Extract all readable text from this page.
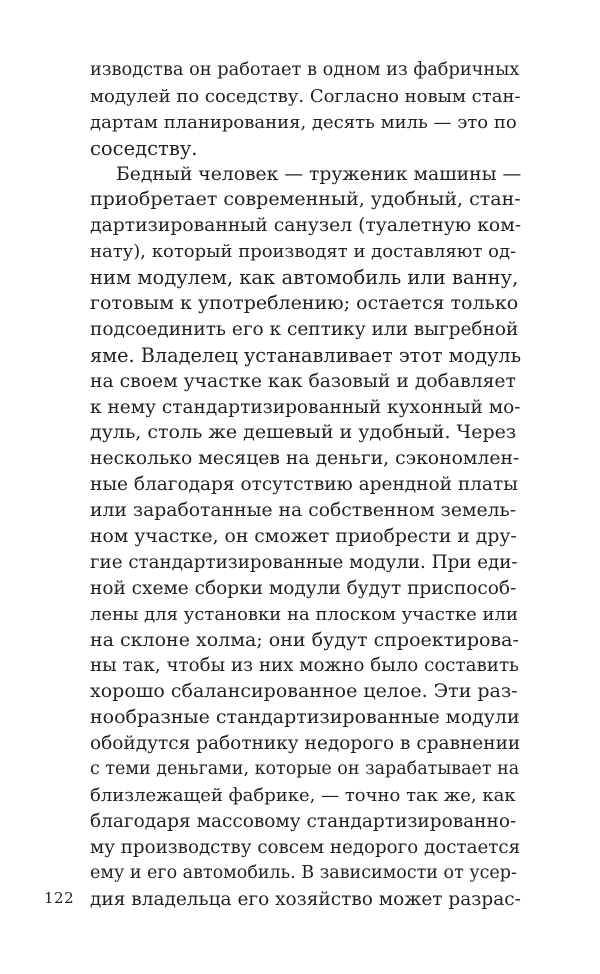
изводства он работает в одном из фабричных
модулей по соседству. Согласно новым стан-
дартам планирования, десять миль — это по
соседству.
Бедный человек — труженик машины —
приобретает современный, удобный, стан-
дартизированный санузел (туалетную ком-
нату), который производят и доставляют од-
ним модулем, как автомобиль или ванну,
готовым к употреблению; остается только
подсоединить его к септику или выгребной
яме. Владелец устанавливает этот модуль
на своем участке как базовый и добавляет
к нему стандартизированный кухонный мо-
дуль, столь же дешевый и удобный. Через
несколько месяцев на деньги, сэкономлен-
ные благодаря отсутствию арендной платы
или заработанные на собственном земель-
ном участке, он сможет приобрести и дру-
гие стандартизированные модули. При еди-
ной схеме сборки модули будут приспособ-
лены для установки на плоском участке или
на склоне холма; они будут спроектирова-
ны так, чтобы из них можно было составить
хорошо сбалансированное целое. Эти раз-
нообразные стандартизированные модули
обойдутся работнику недорого в сравнении
с теми деньгами, которые он зарабатывает на
близлежащей фабрике, — точно так же, как
благодаря массовому стандартизированно-
му производству совсем недорого достается
ему и его автомобиль. В зависимости от усер-
дия владельца его хозяйство может разрас-
122
